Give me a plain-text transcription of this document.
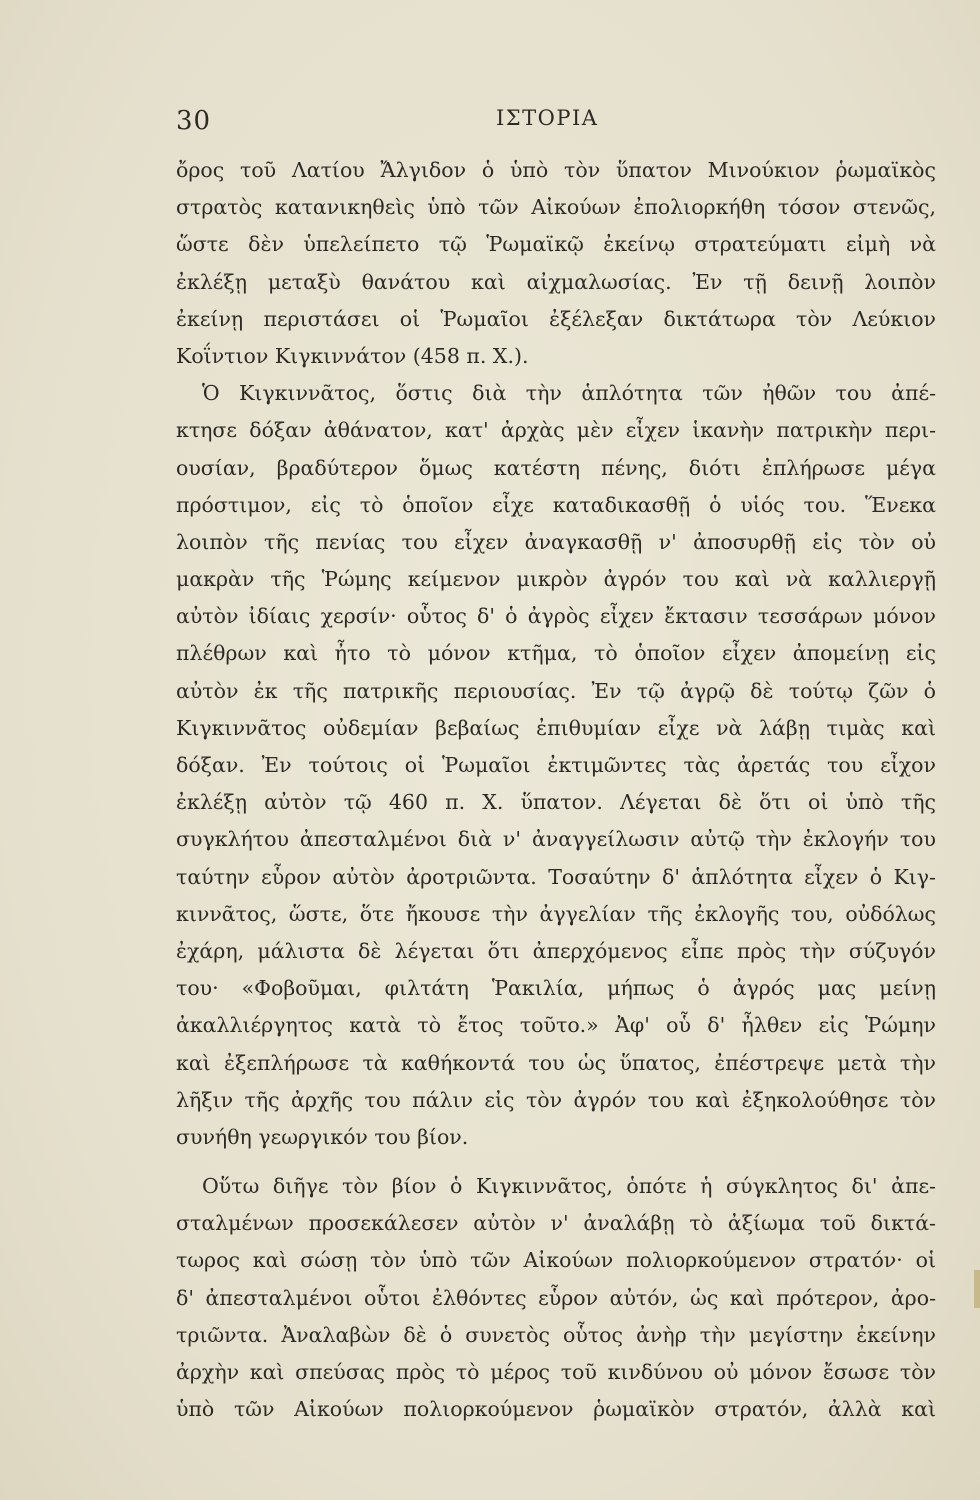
30	ΙΣΤΟΡΙΑ
ὄρος τοῦ Λατίου Ἄλγιδον ὁ ὑπὸ τὸν ὕπατον Μινούκιον ῥωμαϊκὸς
στρατὸς κατανικηθεὶς ὑπὸ τῶν Αἰκούων ἐπολιορκήθη τόσον στενῶς,
ὥστε δὲν ὑπελείπετο τῷ Ῥωμαϊκῷ ἐκείνῳ στρατεύματι εἰμὴ νὰ
ἐκλέξῃ μεταξὺ θανάτου καὶ αἰχμαλωσίας. Ἐν τῇ δεινῇ λοιπὸν
ἐκείνῃ περιστάσει οἱ Ῥωμαῖοι ἐξέλεξαν δικτάτωρα τὸν Λεύκιον
Κοΐντιον Κιγκιννάτον (458 π. Χ.).
Ὁ Κιγκιννᾶτος, ὅστις διὰ τὴν ἁπλότητα τῶν ἠθῶν του ἀπέ-
κτησε δόξαν ἀθάνατον, κατ' ἀρχὰς μὲν εἶχεν ἱκανὴν πατρικὴν περι-
ουσίαν, βραδύτερον ὅμως κατέστη πένης, διότι ἐπλήρωσε μέγα
πρόστιμον, εἰς τὸ ὁποῖον εἶχε καταδικασθῇ ὁ υἱός του. Ἕνεκα
λοιπὸν τῆς πενίας του εἶχεν ἀναγκασθῇ ν' ἀποσυρθῇ εἰς τὸν οὐ
μακρὰν τῆς Ῥώμης κείμενον μικρὸν ἀγρόν του καὶ νὰ καλλιεργῇ
αὐτὸν ἰδίαις χερσίν· οὗτος δ' ὁ ἀγρὸς εἶχεν ἔκτασιν τεσσάρων μόνον
πλέθρων καὶ ἦτο τὸ μόνον κτῆμα, τὸ ὁποῖον εἶχεν ἀπομείνῃ εἰς
αὐτὸν ἐκ τῆς πατρικῆς περιουσίας. Ἐν τῷ ἀγρῷ δὲ τούτῳ ζῶν ὁ
Κιγκιννᾶτος οὐδεμίαν βεβαίως ἐπιθυμίαν εἶχε νὰ λάβῃ τιμὰς καὶ
δόξαν. Ἐν τούτοις οἱ Ῥωμαῖοι ἐκτιμῶντες τὰς ἀρετάς του εἶχον
ἐκλέξῃ αὐτὸν τῷ 460 π. Χ. ὕπατον. Λέγεται δὲ ὅτι οἱ ὑπὸ τῆς
συγκλήτου ἀπεσταλμένοι διὰ ν' ἀναγγείλωσιν αὐτῷ τὴν ἐκλογήν του
ταύτην εὗρον αὐτὸν ἀροτριῶντα. Τοσαύτην δ' ἁπλότητα εἶχεν ὁ Κιγ-
κιννᾶτος, ὥστε, ὅτε ἤκουσε τὴν ἀγγελίαν τῆς ἐκλογῆς του, οὐδόλως
ἐχάρη, μάλιστα δὲ λέγεται ὅτι ἀπερχόμενος εἶπε πρὸς τὴν σύζυγόν
του· «Φοβοῦμαι, φιλτάτη Ῥακιλία, μήπως ὁ ἀγρός μας μείνῃ
ἀκαλλιέργητος κατὰ τὸ ἔτος τοῦτο.» Ἀφ' οὗ δ' ἦλθεν εἰς Ῥώμην
καὶ ἐξεπλήρωσε τὰ καθήκοντά του ὡς ὕπατος, ἐπέστρεψε μετὰ τὴν
λῆξιν τῆς ἀρχῆς του πάλιν εἰς τὸν ἀγρόν του καὶ ἐξηκολούθησε τὸν
συνήθη γεωργικόν του βίον.
Οὕτω διῆγε τὸν βίον ὁ Κιγκιννᾶτος, ὁπότε ἡ σύγκλητος δι' ἀπε-
σταλμένων προσεκάλεσεν αὐτὸν ν' ἀναλάβῃ τὸ ἀξίωμα τοῦ δικτά-
τωρος καὶ σώσῃ τὸν ὑπὸ τῶν Αἰκούων πολιορκούμενον στρατόν· οἱ
δ' ἀπεσταλμένοι οὗτοι ἐλθόντες εὗρον αὐτόν, ὡς καὶ πρότερον, ἀρο-
τριῶντα. Ἀναλαβὼν δὲ ὁ συνετὸς οὗτος ἀνὴρ τὴν μεγίστην ἐκείνην
ἀρχὴν καὶ σπεύσας πρὸς τὸ μέρος τοῦ κινδύνου οὐ μόνον ἔσωσε τὸν
ὑπὸ τῶν Αἰκούων πολιορκούμενον ῥωμαϊκὸν στρατόν, ἀλλὰ καὶ
